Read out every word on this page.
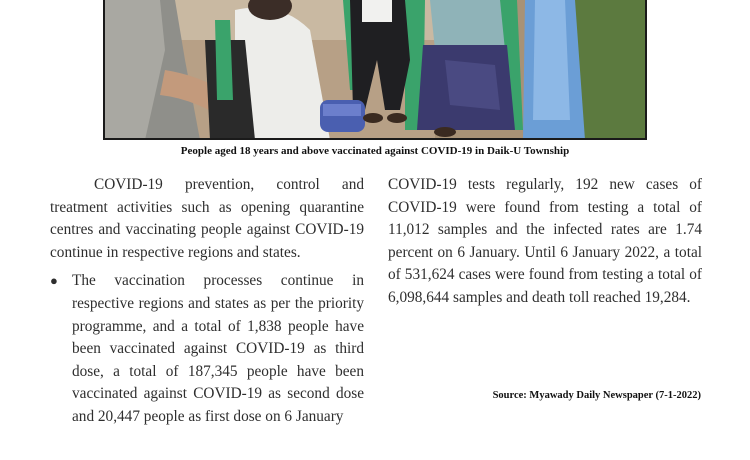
People aged 18 years and above vaccinated against COVID-19 in Daik-U Township

COVID-19 prevention, control and treatment activities such as opening quarantine centres and vaccinating people against COVID-19 continue in respective regions and states.

● The vaccination processes continue in respective regions and states as per the priority programme, and a total of 1,838 people have been vaccinated against COVID-19 as third dose, a total of 187,345 people have been vaccinated against COVID-19 as second dose and 20,447 people as first dose on 6 January

COVID-19 tests regularly, 192 new cases of COVID-19 were found from testing a total of 11,012 samples and the infected rates are 1.74 percent on 6 January. Until 6 January 2022, a total of 531,624 cases were found from testing a total of 6,098,644 samples and death toll reached 19,284.

Source: Myawady Daily Newspaper (7-1-2022)
